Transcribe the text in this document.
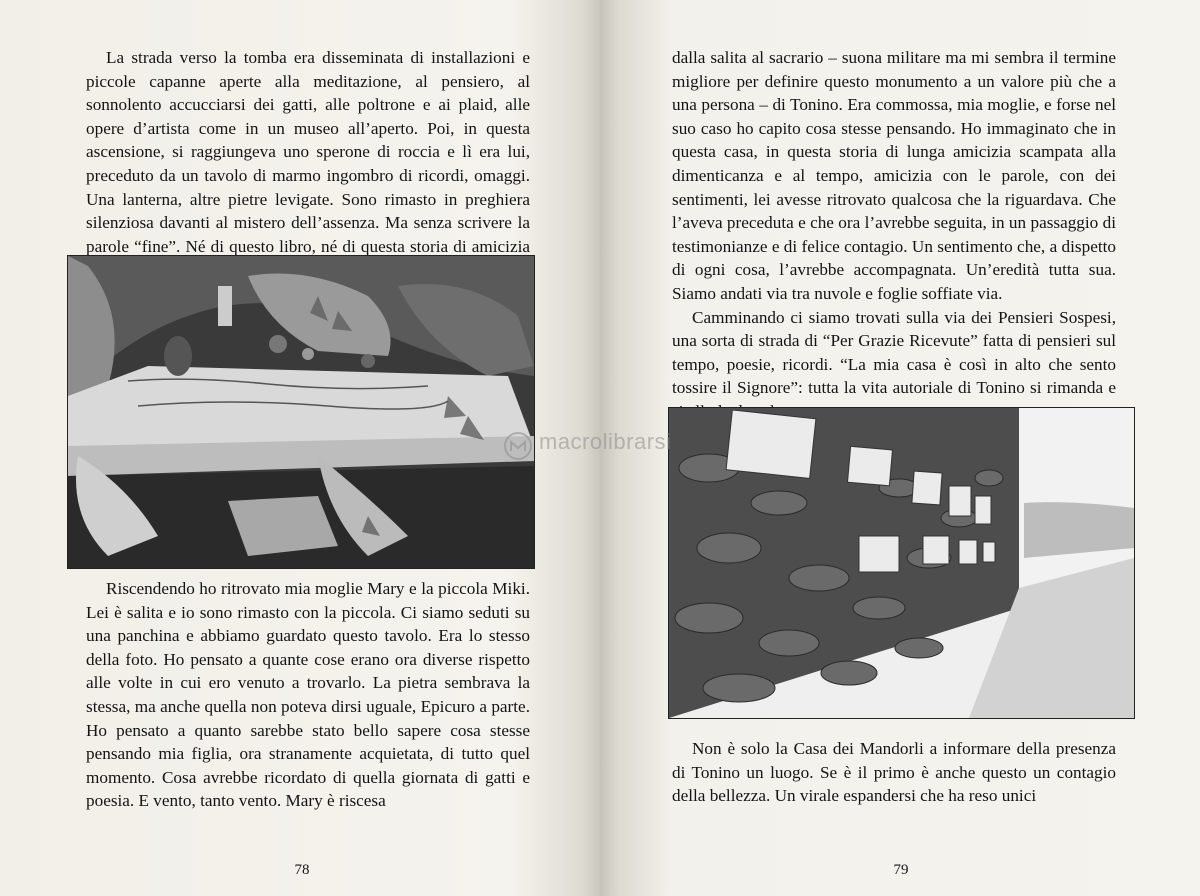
La strada verso la tomba era disseminata di installazioni e piccole capanne aperte alla meditazione, al pensiero, al sonnolento accucciarsi dei gatti, alle poltrone e ai plaid, alle opere d’artista come in un museo all’aperto. Poi, in questa ascensione, si raggiungeva uno sperone di roccia e lì era lui, preceduto da un tavolo di marmo ingombro di ricordi, omaggi. Una lanterna, altre pietre levigate. Sono rimasto in preghiera silenziosa davanti al mistero dell’assenza. Ma senza scrivere la parole “fine”. Né di questo libro, né di questa storia di amicizia

Riscendendo ho ritrovato mia moglie Mary e la piccola Miki. Lei è salita e io sono rimasto con la piccola. Ci siamo seduti su una panchina e abbiamo guardato questo tavolo. Era lo stesso della foto. Ho pensato a quante cose erano ora diverse rispetto alle volte in cui ero venuto a trovarlo. La pietra sembrava la stessa, ma anche quella non poteva dirsi uguale, Epicuro a parte. Ho pensato a quanto sarebbe stato bello sapere cosa stesse pensando mia figlia, ora stranamente acquietata, di tutto quel momento. Cosa avrebbe ricordato di quella giornata di gatti e poesia. E vento, tanto vento. Mary è riscesa

78

dalla salita al sacrario – suona militare ma mi sembra il termine migliore per definire questo monumento a un valore più che a una persona – di Tonino. Era commossa, mia moglie, e forse nel suo caso ho capito cosa stesse pensando. Ho immaginato che in questa casa, in questa storia di lunga amicizia scampata alla dimenticanza e al tempo, amicizia con le parole, con dei sentimenti, lei avesse ritrovato qualcosa che la riguardava. Che l’aveva preceduta e che ora l’avrebbe seguita, in un passaggio di testimonianze e di felice contagio. Un sentimento che, a dispetto di ogni cosa, l’avrebbe accompagnata. Un’eredità tutta sua. Siamo andati via tra nuvole e foglie soffiate via.

Camminando ci siamo trovati sulla via dei Pensieri Sospesi, una sorta di strada di “Per Grazie Ricevute” fatta di pensieri sul tempo, poesie, ricordi. “La mia casa è così in alto che sento tossire il Signore”: tutta la vita autoriale di Tonino si rimanda e

Non è solo la Casa dei Mandorli a informare della presenza di Tonino un luogo. Se è il primo è anche questo un contagio della bellezza. Un virale espandersi che ha reso unici

79
macrolibrarsi
